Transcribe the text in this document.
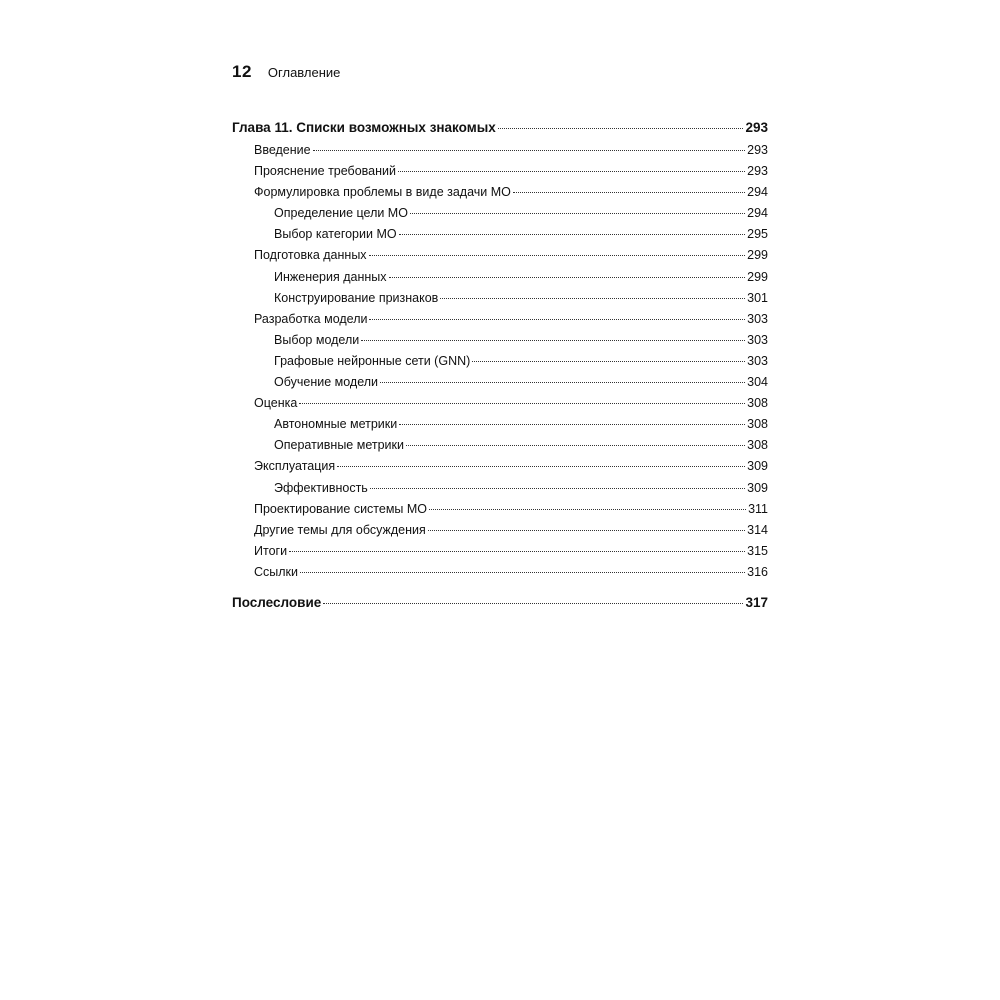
12 Оглавление
Глава 11. Списки возможных знакомых	293
Введение	293
Прояснение требований	293
Формулировка проблемы в виде задачи МО	294
Определение цели МО	294
Выбор категории МО	295
Подготовка данных	299
Инженерия данных	299
Конструирование признаков	301
Разработка модели	303
Выбор модели	303
Графовые нейронные сети (GNN)	303
Обучение модели	304
Оценка	308
Автономные метрики	308
Оперативные метрики	308
Эксплуатация	309
Эффективность	309
Проектирование системы МО	311
Другие темы для обсуждения	314
Итоги	315
Ссылки	316
Послесловие	317
